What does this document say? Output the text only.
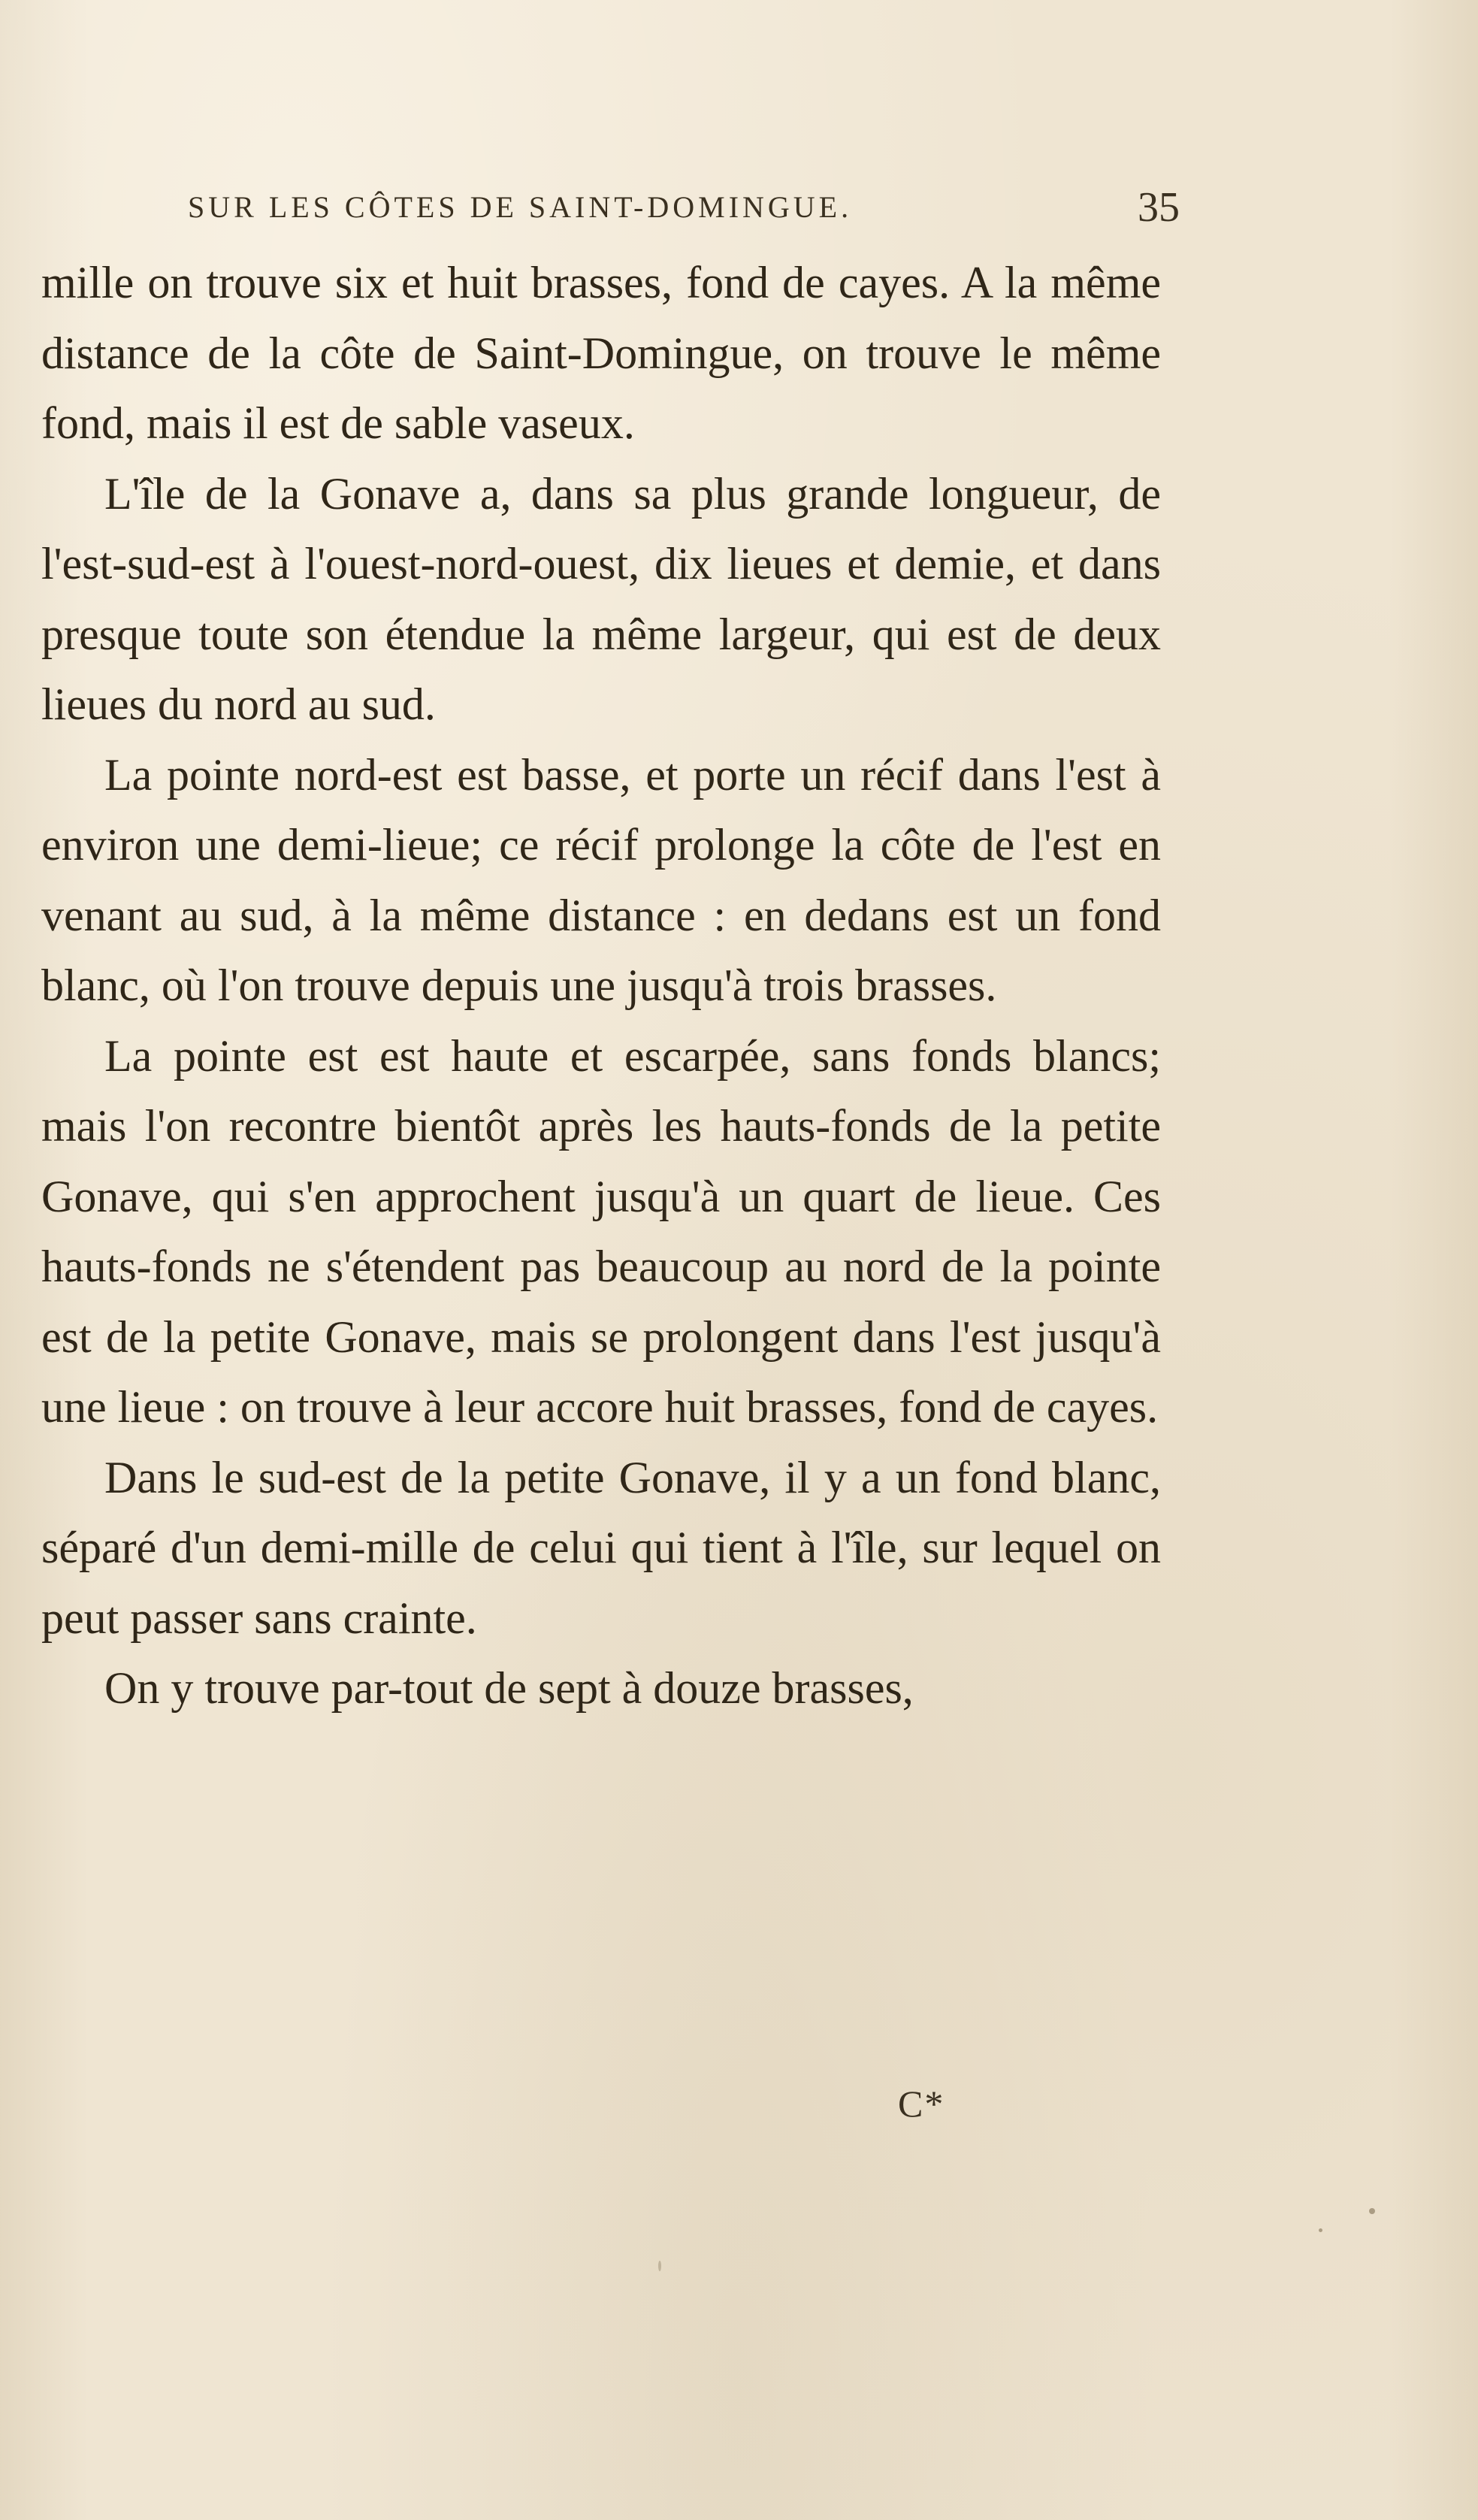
SUR LES CÔTES DE SAINT-DOMINGUE.	35

mille on trouve six et huit brasses, fond de cayes. A la même distance de la côte de Saint-Domingue, on trouve le même fond, mais il est de sable vaseux.

L'île de la Gonave a, dans sa plus grande longueur, de l'est-sud-est à l'ouest-nord-ouest, dix lieues et demie, et dans presque toute son étendue la même largeur, qui est de deux lieues du nord au sud.

La pointe nord-est est basse, et porte un récif dans l'est à environ une demi-lieue; ce récif prolonge la côte de l'est en venant au sud, à la même distance : en dedans est un fond blanc, où l'on trouve depuis une jusqu'à trois brasses.

La pointe est est haute et escarpée, sans fonds blancs; mais l'on recontre bientôt après les hauts-fonds de la petite Gonave, qui s'en approchent jusqu'à un quart de lieue. Ces hauts-fonds ne s'étendent pas beaucoup au nord de la pointe est de la petite Gonave, mais se prolongent dans l'est jusqu'à une lieue : on trouve à leur accore huit brasses, fond de cayes.

Dans le sud-est de la petite Gonave, il y a un fond blanc, séparé d'un demi-mille de celui qui tient à l'île, sur lequel on peut passer sans crainte.

On y trouve par-tout de sept à douze brasses,

C*
